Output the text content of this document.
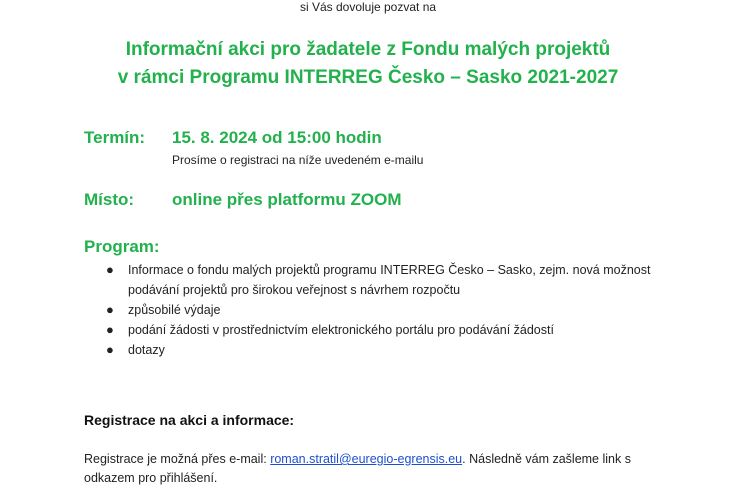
si Vás dovoluje pozvat na
Informační akci pro žadatele z Fondu malých projektů
v rámci Programu INTERREG Česko – Sasko 2021-2027
Termín: 15. 8. 2024 od 15:00 hodin
Prosíme o registraci na níže uvedeném e-mailu
Místo: online přes platformu ZOOM
Program:
● Informace o fondu malých projektů programu INTERREG Česko – Sasko, zejm. nová možnost podávání projektů pro širokou veřejnost s návrhem rozpočtu
● způsobilé výdaje
● podání žádosti v prostřednictvím elektronického portálu pro podávání žádostí
● dotazy
Registrace na akci a informace:
Registrace je možná přes e-mail: roman.stratil@euregio-egrensis.eu. Následně vám zašleme link s odkazem pro přihlášení.
